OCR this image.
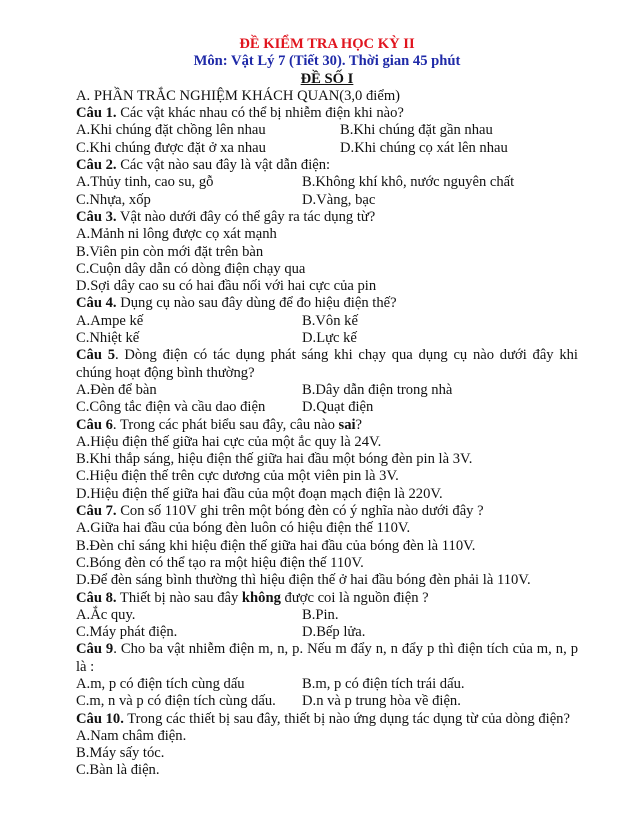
ĐỀ KIỂM TRA HỌC KỲ II
Môn: Vật Lý 7 (Tiết 30). Thời gian 45 phút
ĐỀ SỐ I
A. PHẦN TRẮC NGHIỆM KHÁCH QUAN(3,0 điểm)
Câu 1. Các vật khác nhau có thể bị nhiễm điện khi nào?
A.Khi chúng đặt chồng lên nhau	B.Khi chúng đặt gần nhau
C.Khi chúng được đặt ở xa nhau	D.Khi chúng cọ xát lên nhau
Câu 2. Các vật nào sau đây là vật dẫn điện:
A.Thủy tinh, cao su, gỗ	B.Không khí khô, nước nguyên chất
C.Nhựa, xốp	D.Vàng, bạc
Câu 3. Vật nào dưới đây có thể gây ra tác dụng từ?
A.Mảnh ni lông được cọ xát mạnh
B.Viên pin còn mới đặt trên bàn
C.Cuộn dây dẫn có dòng điện chạy qua
D.Sợi dây cao su có hai đầu nối với hai cực của pin
Câu 4. Dụng cụ nào sau đây dùng để đo hiệu điện thế?
A.Ampe kế	B.Vôn kế
C.Nhiệt kế	D.Lực kế
Câu 5. Dòng điện có tác dụng phát sáng khi chạy qua dụng cụ nào dưới đây khi chúng hoạt động bình thường?
A.Đèn để bàn	B.Dây dẫn điện trong nhà
C.Công tắc điện và cầu dao điện	D.Quạt điện
Câu 6. Trong các phát biểu sau đây, câu nào sai?
A.Hiệu điện thế giữa hai cực của một ắc quy là 24V.
B.Khi thắp sáng, hiệu điện thế giữa hai đầu một bóng đèn pin là 3V.
C.Hiệu điện thế trên cực dương của một viên pin là 3V.
D.Hiệu điện thế giữa hai đầu của một đoạn mạch điện là 220V.
Câu 7. Con số 110V ghi trên một bóng đèn có ý nghĩa nào dưới đây ?
A.Giữa hai đầu của bóng đèn luôn có hiệu điện thế 110V.
B.Đèn chỉ sáng khi hiệu điện thế giữa hai đầu của bóng đèn là 110V.
C.Bóng đèn có thể tạo ra một hiệu điện thế 110V.
D.Để đèn sáng bình thường thì hiệu điện thế ở hai đầu bóng đèn phải là 110V.
Câu 8. Thiết bị nào sau đây không được coi là nguồn điện ?
A.Ắc quy.	B.Pin.
C.Máy phát điện.	D.Bếp lửa.
Câu 9. Cho ba vật nhiễm điện m, n, p. Nếu m đẩy n, n đẩy p thì điện tích của m, n, p là :
A.m, p có điện tích cùng dấu	B.m, p có điện tích trái dấu.
C.m, n và p có điện tích cùng dấu.	D.n và p trung hòa về điện.
Câu 10. Trong các thiết bị sau đây, thiết bị nào ứng dụng tác dụng từ của dòng điện?
A.Nam châm điện.
B.Máy sấy tóc.
C.Bàn là điện.
